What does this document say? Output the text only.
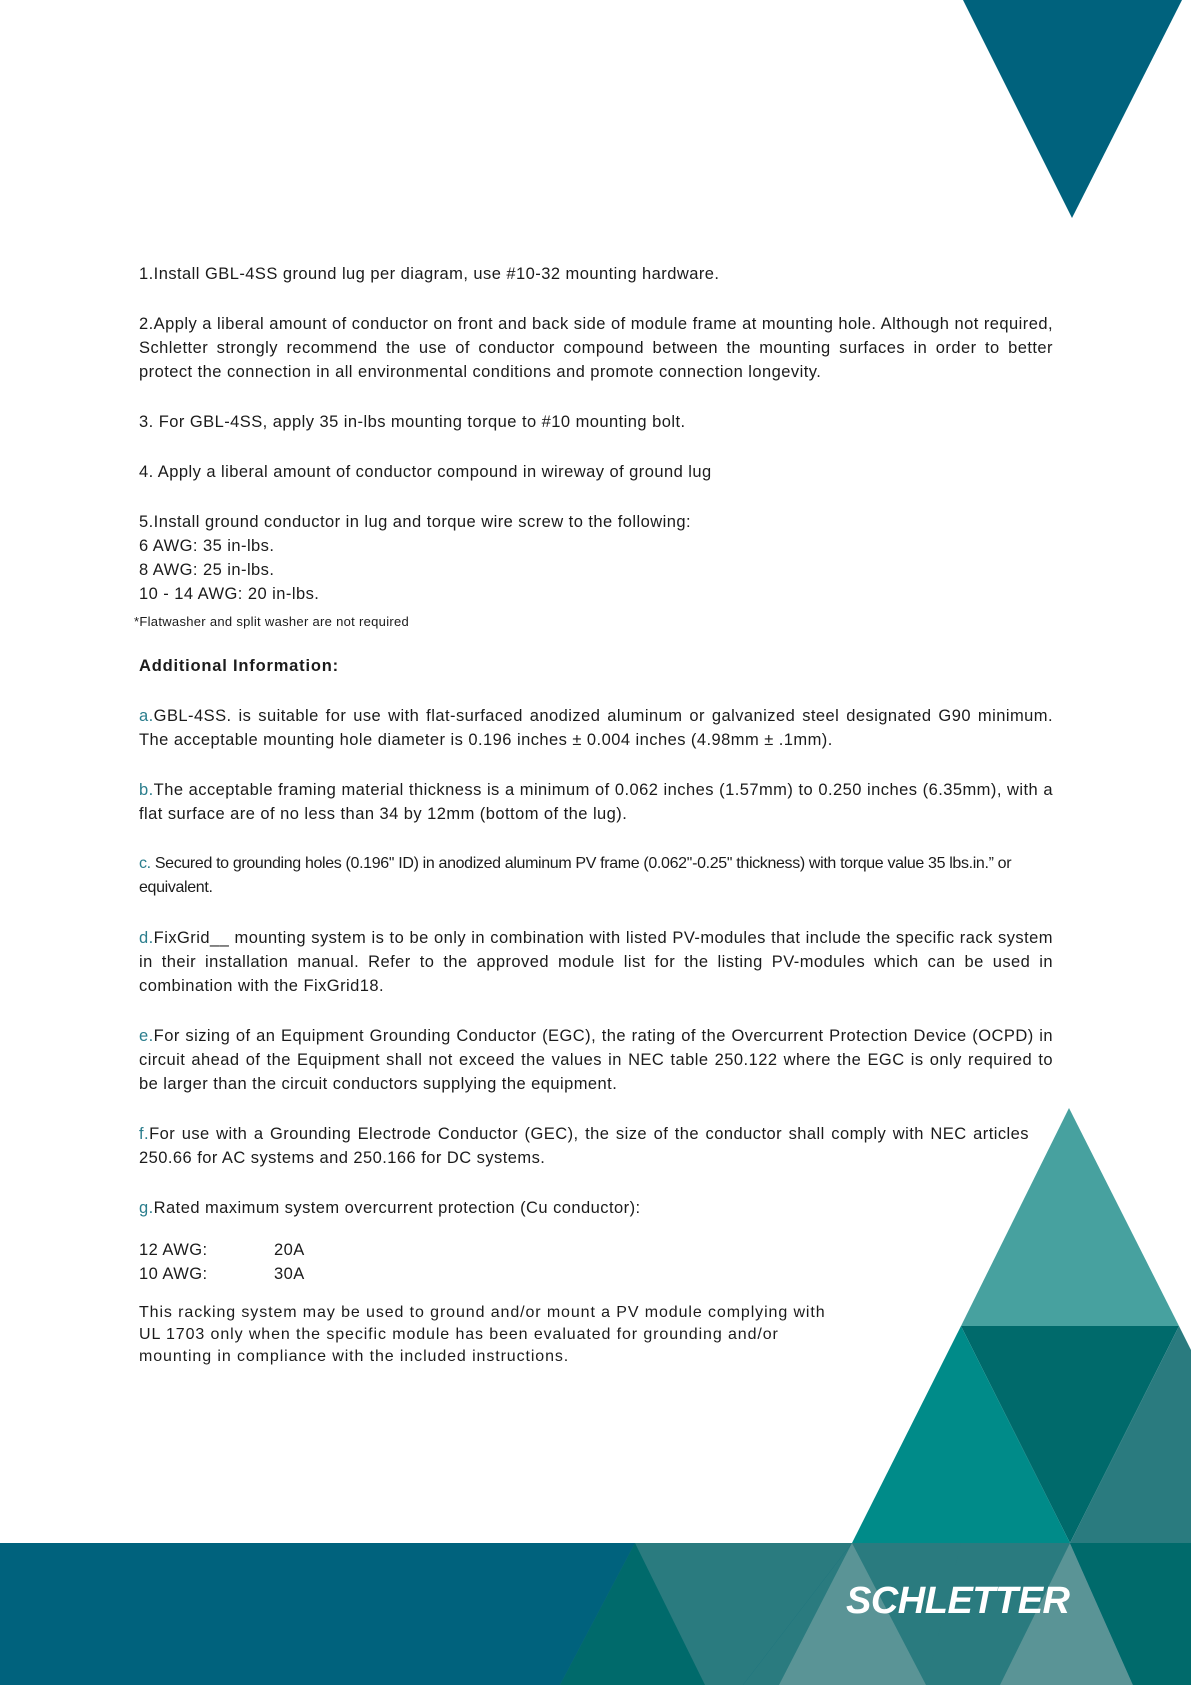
1.Install GBL-4SS ground lug per diagram, use #10-32 mounting hardware.

2.Apply a liberal amount of conductor on front and back side of module frame at mounting hole. Although not required, Schletter strongly recommend the use of conductor compound between the mounting surfaces in order to better protect the connection in all environmental conditions and promote connection longevity.

3. For GBL-4SS, apply 35 in-lbs mounting torque to #10 mounting bolt.

4. Apply a liberal amount of conductor compound in wireway of ground lug

5.Install ground conductor in lug and torque wire screw to the following:
6 AWG: 35 in-lbs.
8 AWG: 25 in-lbs.
10 - 14 AWG: 20 in-lbs.
*Flatwasher and split washer are not required
Additional Information:

a.GBL-4SS. is suitable for use with flat-surfaced anodized aluminum or galvanized steel designated G90 minimum. The acceptable mounting hole diameter is 0.196 inches ± 0.004 inches (4.98mm ± .1mm).

b.The acceptable framing material thickness is a minimum of 0.062 inches (1.57mm) to 0.250 inches (6.35mm), with a flat surface are of no less than 34 by 12mm (bottom of the lug).

c. Secured to grounding holes (0.196'' ID) in anodized aluminum PV frame (0.062''-0.25'' thickness) with torque value 35 lbs.in.” or equivalent.

d.FixGrid__ mounting system is to be only in combination with listed PV-modules that include the specific rack system in their installation manual. Refer to the approved module list for the listing PV-modules which can be used in combination with the FixGrid18.

e.For sizing of an Equipment Grounding Conductor (EGC), the rating of the Overcurrent Protection Device (OCPD) in circuit ahead of the Equipment shall not exceed the values in NEC table 250.122 where the EGC is only required to be larger than the circuit conductors supplying the equipment.

f.For use with a Grounding Electrode Conductor (GEC), the size of the conductor shall comply with NEC articles 250.66 for AC systems and 250.166 for DC systems.

g.Rated maximum system overcurrent protection (Cu conductor):

12 AWG:	20A
10 AWG:	30A
This racking system may be used to ground and/or mount a PV module complying with
UL 1703 only when the specific module has been evaluated for grounding and/or
mounting in compliance with the included instructions.
SCHLETTER
